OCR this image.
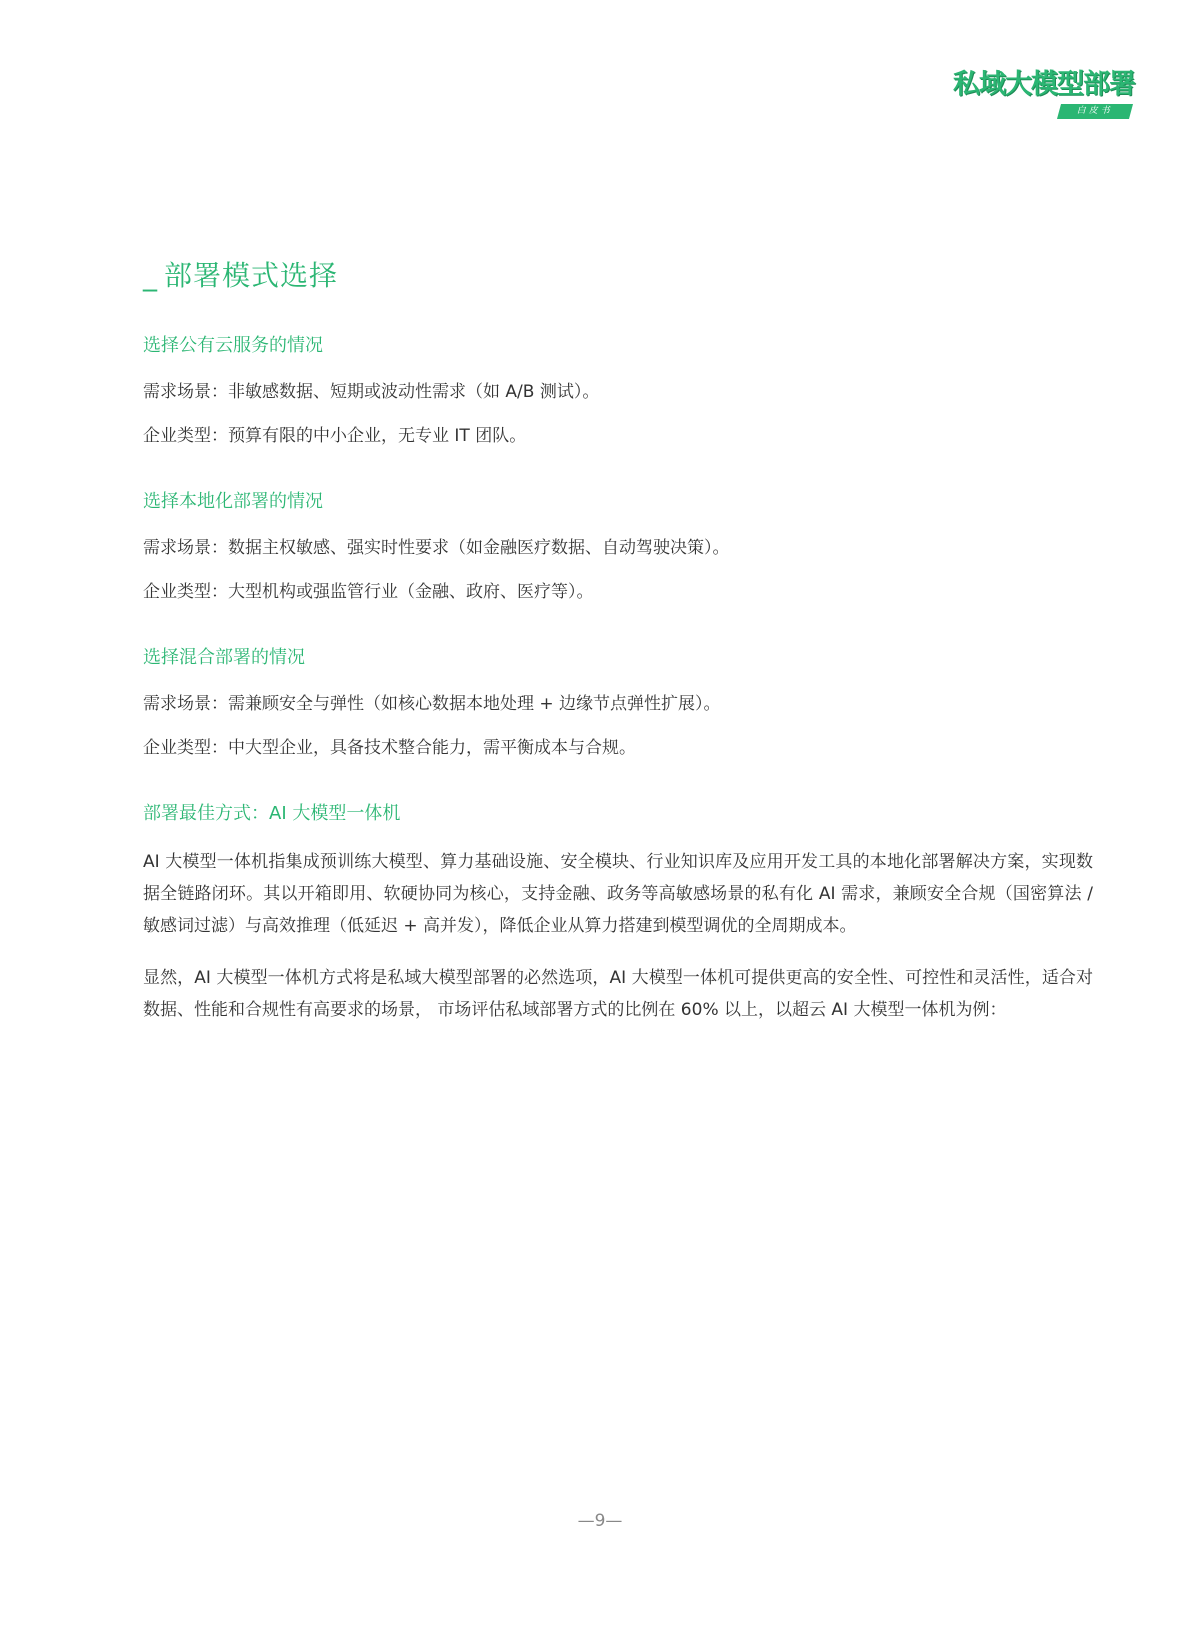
私域大模型部署
白皮书
_ 部署模式选择
选择公有云服务的情况

需求场景：非敏感数据、短期或波动性需求（如 A/B 测试）。

企业类型：预算有限的中小企业，无专业 IT 团队。

选择本地化部署的情况

需求场景：数据主权敏感、强实时性要求（如金融医疗数据、自动驾驶决策）。

企业类型：大型机构或强监管行业（金融、政府、医疗等）。

选择混合部署的情况

需求场景：需兼顾安全与弹性（如核心数据本地处理 + 边缘节点弹性扩展）。

企业类型：中大型企业，具备技术整合能力，需平衡成本与合规。

部署最佳方式：AI 大模型一体机

AI 大模型一体机指集成预训练大模型、算力基础设施、安全模块、行业知识库及应用开发工具的本地化部署解决方案，实现数据全链路闭环。其以开箱即用、软硬协同为核心，支持金融、政务等高敏感场景的私有化 AI 需求，兼顾安全合规（国密算法 / 敏感词过滤）与高效推理（低延迟 + 高并发），降低企业从算力搭建到模型调优的全周期成本。

显然，AI 大模型一体机方式将是私域大模型部署的必然选项，AI 大模型一体机可提供更高的安全性、可控性和灵活性，适合对数据、性能和合规性有高要求的场景， 市场评估私域部署方式的比例在 60% 以上，以超云 AI 大模型一体机为例：

—9—
